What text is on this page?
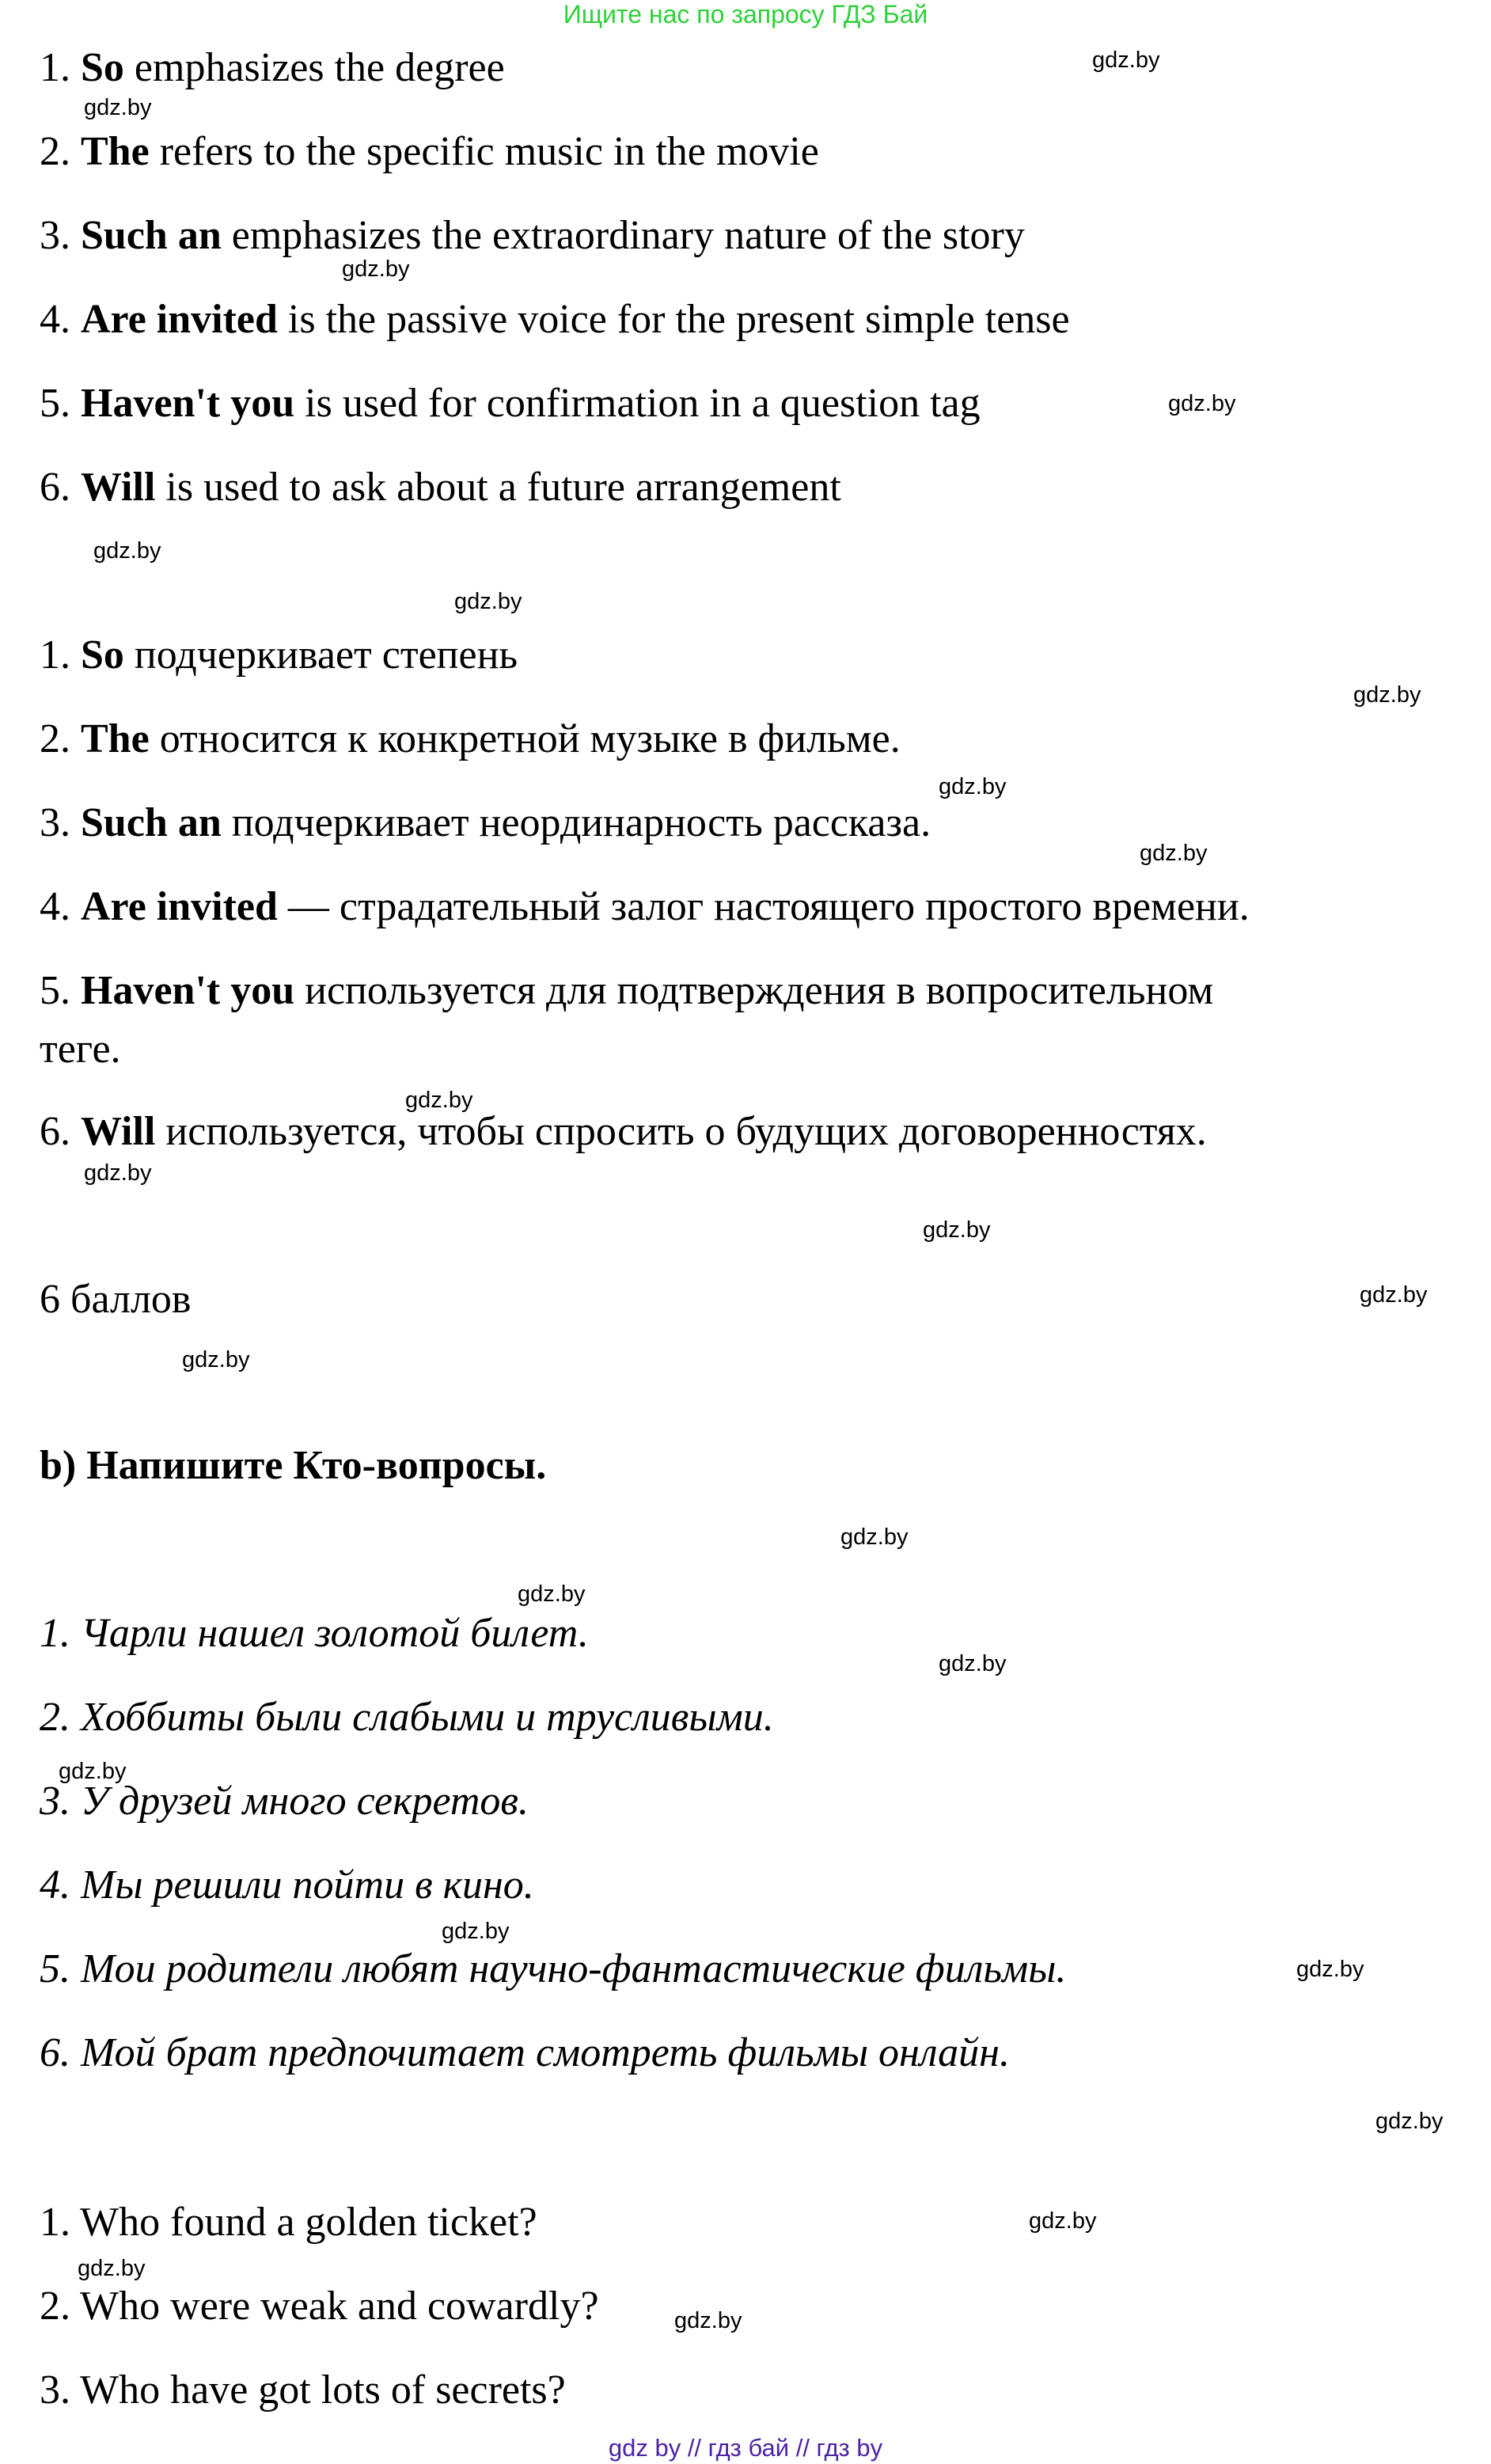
Ищите нас по запросу ГДЗ Бай
1. So emphasizes the degree
2. The refers to the specific music in the movie
3. Such an emphasizes the extraordinary nature of the story
4. Are invited is the passive voice for the present simple tense
5. Haven't you is used for confirmation in a question tag
6. Will is used to ask about a future arrangement
1. So подчеркивает степень
2. The относится к конкретной музыке в фильме.
3. Such an подчеркивает неординарность рассказа.
4. Are invited — страдательный залог настоящего простого времени.
5. Haven't you используется для подтверждения в вопросительном
теге.
6. Will используется, чтобы спросить о будущих договоренностях.
6 баллов
b) Напишите Кто-вопросы.
1. Чарли нашел золотой билет.
2. Хоббиты были слабыми и трусливыми.
3. У друзей много секретов.
4. Мы решили пойти в кино.
5. Мои родители любят научно-фантастические фильмы.
6. Мой брат предпочитает смотреть фильмы онлайн.
1. Who found a golden ticket?
2. Who were weak and cowardly?
3. Who have got lots of secrets?
gdz.by
gdz.by
gdz.by
gdz.by
gdz.by
gdz.by
gdz.by
gdz.by
gdz.by
gdz.by
gdz.by
gdz.by
gdz.by
gdz.by
gdz.by
gdz.by
gdz.by
gdz.by
gdz.by
gdz.by
gdz.by
gdz.by
gdz.by
gdz.by
gdz by // гдз бай // гдз by
